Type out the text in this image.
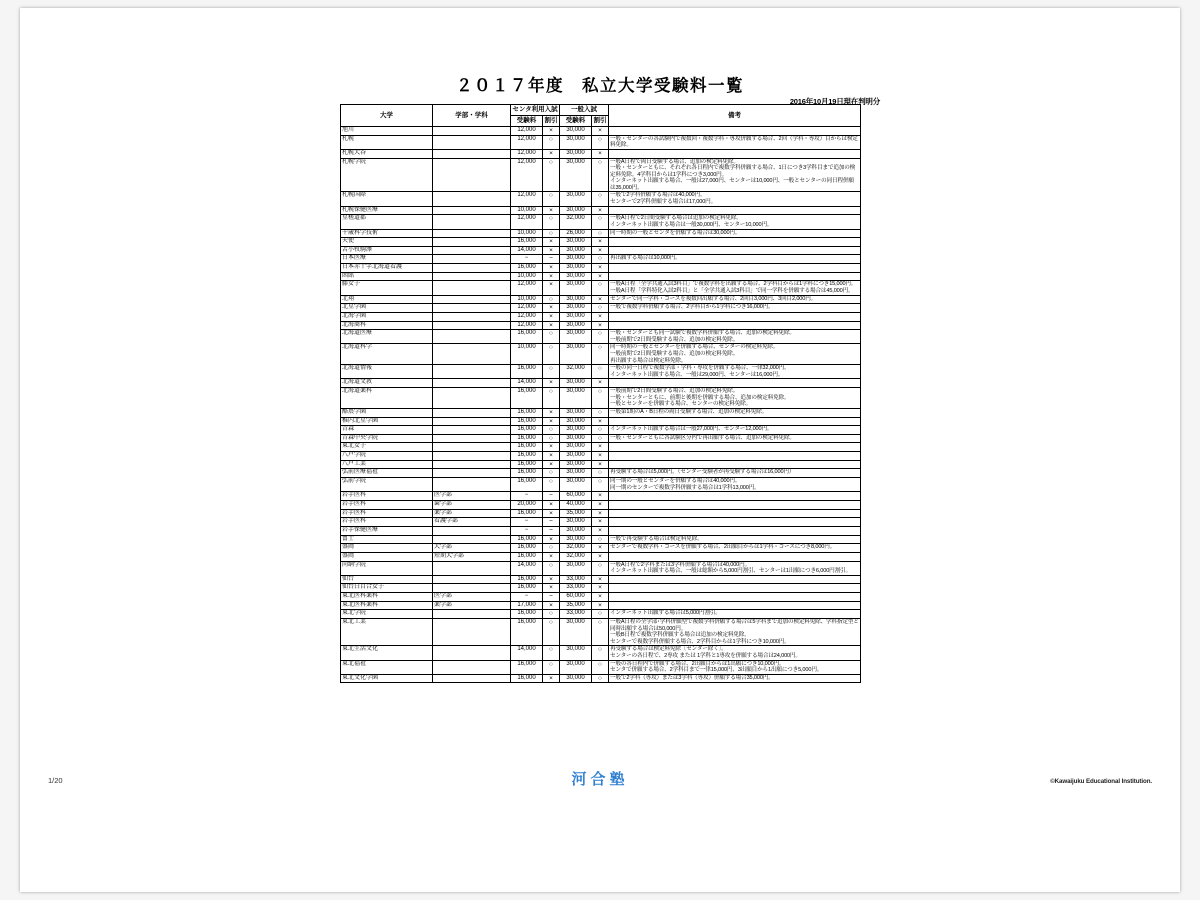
２０１７年度　私立大学受験料一覧
2016年10月19日現在判明分
大学	学部・学科	センタ利用入試		一般入試		備考
		受験料	割引	受験料	割引	
旭川		12,000	×	30,000	×	
札幌		12,000	○	30,000	○	一般・センターの各試験内で複数回・複数学科・専攻併願する場合、2回（学科・専攻）目からは検定料免除。
札幌大谷		12,000	×	30,000	×	
札幌学院		12,000	○	30,000	○	一般A日程で両日受験する場合、追加の検定料免除。
一般・センターともに、それぞれ各日程内で複数学科併願する場合、1日につき3学科目まで追加の検定料免除。4学科目からは1学科につき3,000円。
インターネット出願する場合、一般は27,000円、センターは10,000円、一般とセンターの同日程併願は35,000円。
札幌国際		12,000	○	30,000	○	一般で2学科併願する場合は40,000円。
センターで2学科併願する場合は17,000円。
札幌保健医療		10,000	×	30,000	×	
星槎道都		12,000	○	32,000	○	一般A日程で2日間受験する場合は追加の検定料免除。
インターネット出願する場合は一般30,000円、センター10,000円。
千歳科学技術		10,000	○	26,000	○	同一時期の一般とセンタを併願する場合は30,000円。
天使		16,000	×	30,000	×	
苫小牧駒澤		14,000	×	30,000	×	
日本医療		−	−	30,000	○	再出願する場合は10,000円。
日本赤十字北海道看護		16,000	×	30,000	×	
函館		10,000	×	30,000	×	
藤女子		12,000	×	30,000	○	一般A日程「全学共通入試3科目」で複数学科を出願する場合、2学科目からは1学科につき15,000円。
一般A日程「学科特化入試2科目」と「全学共通入試3科目」で同一学科を併願する場合は45,000円。
北翔		10,000	○	30,000	×	センターで同一学科・コースを複数回出願する場合、2回目3,000円、3回目2,000円。
北星学園		12,000	×	30,000	○	一般で複数学科併願する場合、2学科目から1学科につき16,000円。
北海学園		12,000	×	30,000	×	
北海商科		12,000	×	30,000	×	
北海道医療		16,000	○	30,000	○	一般・センターとも同一試験で複数学科併願する場合、追加の検定料免除。
一般前期で2日間受験する場合、追加の検定料免除。
北海道科学		10,000	○	30,000	○	同一時期の一般とセンターを併願する場合、センターの検定料免除。
一般前期で2日間受験する場合、追加の検定料免除。
再出願する場合は検定料免除。
北海道情報		16,000	○	32,000	○	一般の同一日程で複数学部・学科・専攻を併願する場合、一律32,000円。
インターネット出願する場合、一般は29,000円、センターは16,000円。
北海道文教		14,000	×	30,000	×	
北海道薬科		16,000	○	30,000	○	一般前期で2日間受験する場合、追加の検定料免除。
一般・センターともに、前期と後期を併願する場合、追加の検定料免除。
一般とセンターを併願する場合、センターの検定料免除。
酪農学園		16,000	×	30,000	○	一般第1期のA・B日程の両日受験する場合、追加の検定料免除。
稚内北星学園		16,000	×	30,000	×	
青森		16,000	○	30,000	○	インターネット出願する場合は一般27,000円、センター12,000円。
青森中央学院		16,000	○	30,000	○	一般・センターともに各試験区分内で再出願する場合、追加の検定料免除。
東北女子		16,000	×	30,000	×	
八戸学院		16,000	×	30,000	×	
八戸工業		16,000	×	30,000	×	
弘前医療福祉		16,000	○	30,000	○	再受験する場合は5,000円。（センター受験者が再受験する場合は16,000円）
弘前学院		16,000	○	30,000	○	同一期の一般とセンターを併願する場合は40,000円。
同一期のセンターで複数学科併願する場合は1学科13,000円。
岩手医科	医学部	−	−	60,000	×	
岩手医科	歯学部	20,000	×	40,000	×	
岩手医科	薬学部	16,000	×	35,000	×	
岩手医科	看護学部	−	−	30,000	×	
岩手保健医療		−	−	30,000	×	
富士		16,000	×	30,000	○	一般で再受験する場合は検定料免除。
盛岡	大学部	16,000	○	32,000	×	センターで複数学科・コースを併願する場合、2出願目からは1学科・コースにつき8,000円。
盛岡	短期大学部	16,000	×	32,000	×	
尚絅学院		14,000	○	30,000	○	一般A日程で2学科または3学科併願する場合は40,000円。
インターネット出願する場合、一般は総額から5,000円割引、センターは1出願につき6,000円割引。
仙台		16,000	×	33,000	×	
仙台白百合女子		16,000	×	33,000	×	
東北医科薬科	医学部	−	−	60,000	×	
東北医科薬科	薬学部	17,000	×	35,000	×	
東北学院		16,000	○	33,000	○	インターネット出願する場合は5,000円割引。
東北工業		16,000	○	30,000	○	一般A日程の全学部･学科併願型で複数学科併願する場合は5学科まで追加の検定料免除、学科指定型と同時出願する場合は50,000円。
一般B日程で複数学科併願する場合は追加の検定料免除。
センターで複数学科併願する場合、2学科目からは1学科につき10,000円。
東北生活文化		14,000	○	30,000	○	再受験する場合は検定料免除〔センター除く〕。
センターの各日程で、2専攻 または 1学科と1専攻を併願する場合は24,000円。
東北福祉		16,000	○	30,000	○	一般の各日程内で併願する場合、2出願目からは1出願につき10,000円。
センタで併願する場合、2学科目まで一律15,000円、3出願目から1出願につき5,000円。
東北文化学園		16,000	×	30,000	○	一般で2学科（専攻）または3学科（専攻）併願する場合35,000円。
1/20	河合塾	©Kawaijuku Educational Institution.
